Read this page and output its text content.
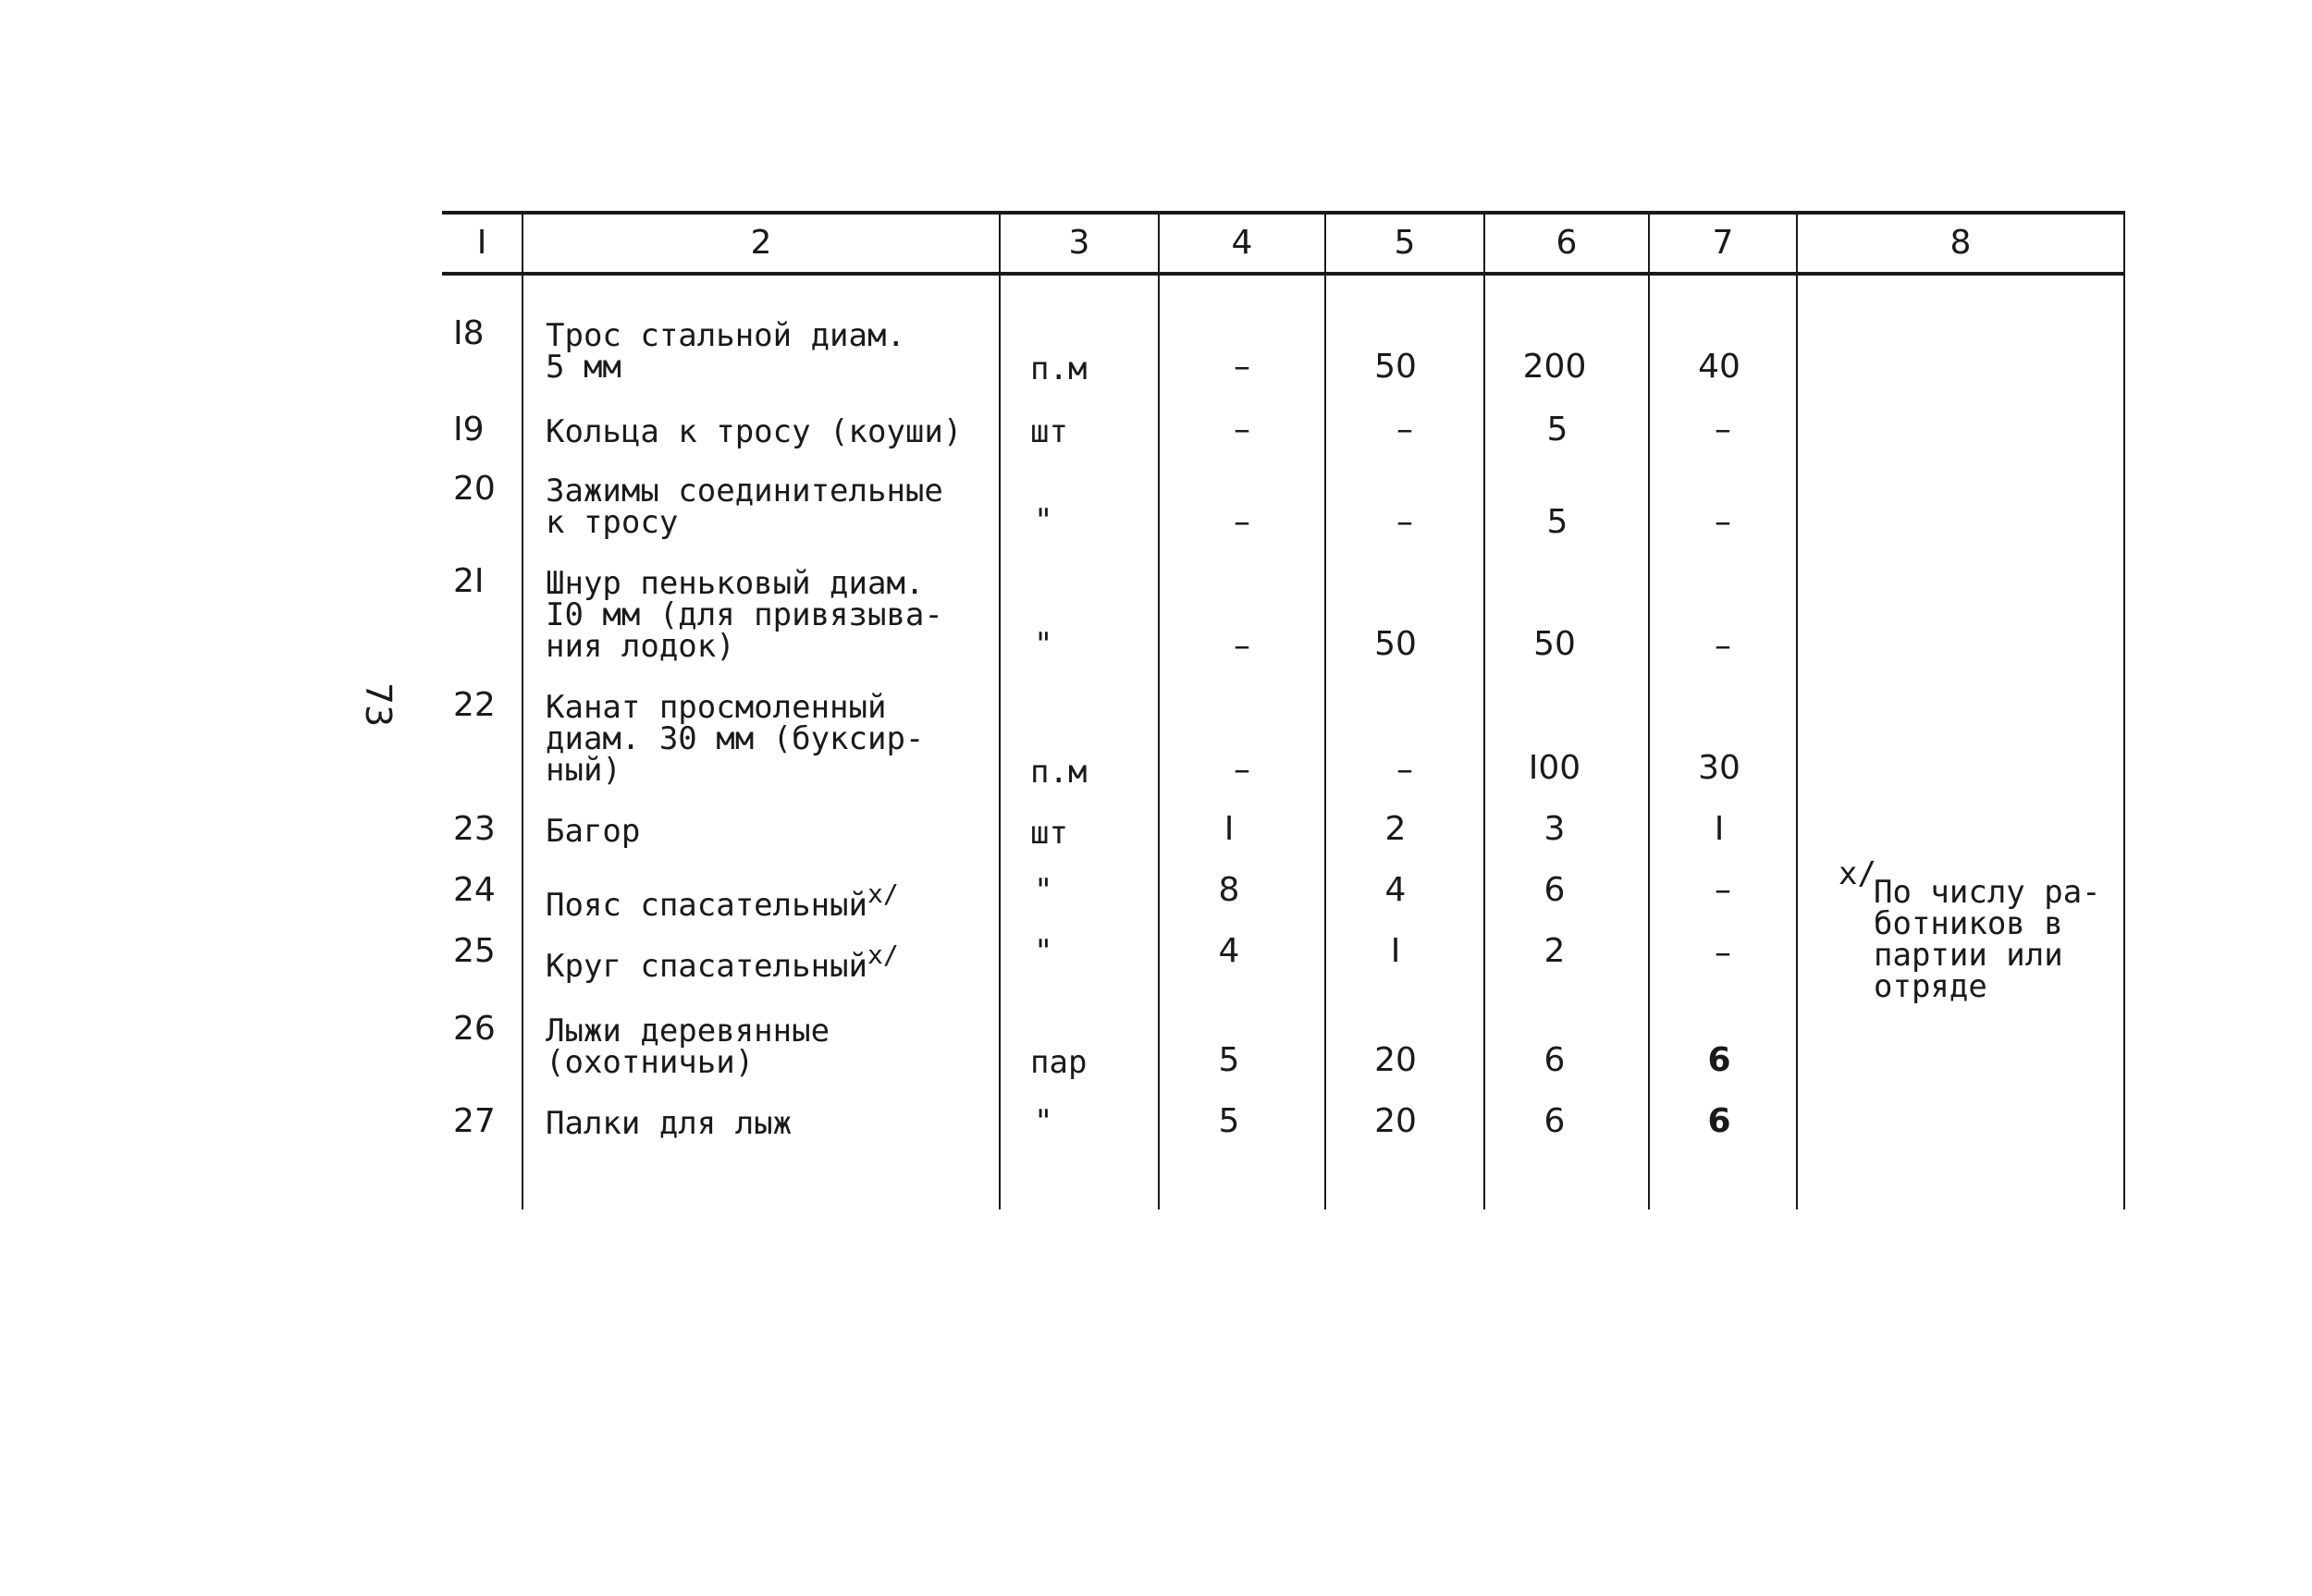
73
I	2	3	4	5	6	7	8
I8 Трос стальной диам.
5 мм	п.м	–	50	200	40
I9 Кольца к тросу (коуши) шт	–	–	5	–
20 Зажимы соединительные
к тросу	"	–	–	5	–
2I Шнур пеньковый диам.
I0 мм (для привязыва-
ния лодок)	"	–	50	50	–
22 Канат просмоленный
диам. 30 мм (буксир-
ный)	п.м	–	–	I00	30
23 Багор	шт	I	2	3	I
24 Пояс спасательный$^{x/}$	"	8	4	6	–
25 Круг спасательный$^{x/}$	"	4	I	2	–
26 Лыжи деревянные
(охотничьи)	пар	5	20	6	6
27 Палки для лыж	"	5	20	6	6
x/
По числу ра-
ботников в
партии или
отряде
